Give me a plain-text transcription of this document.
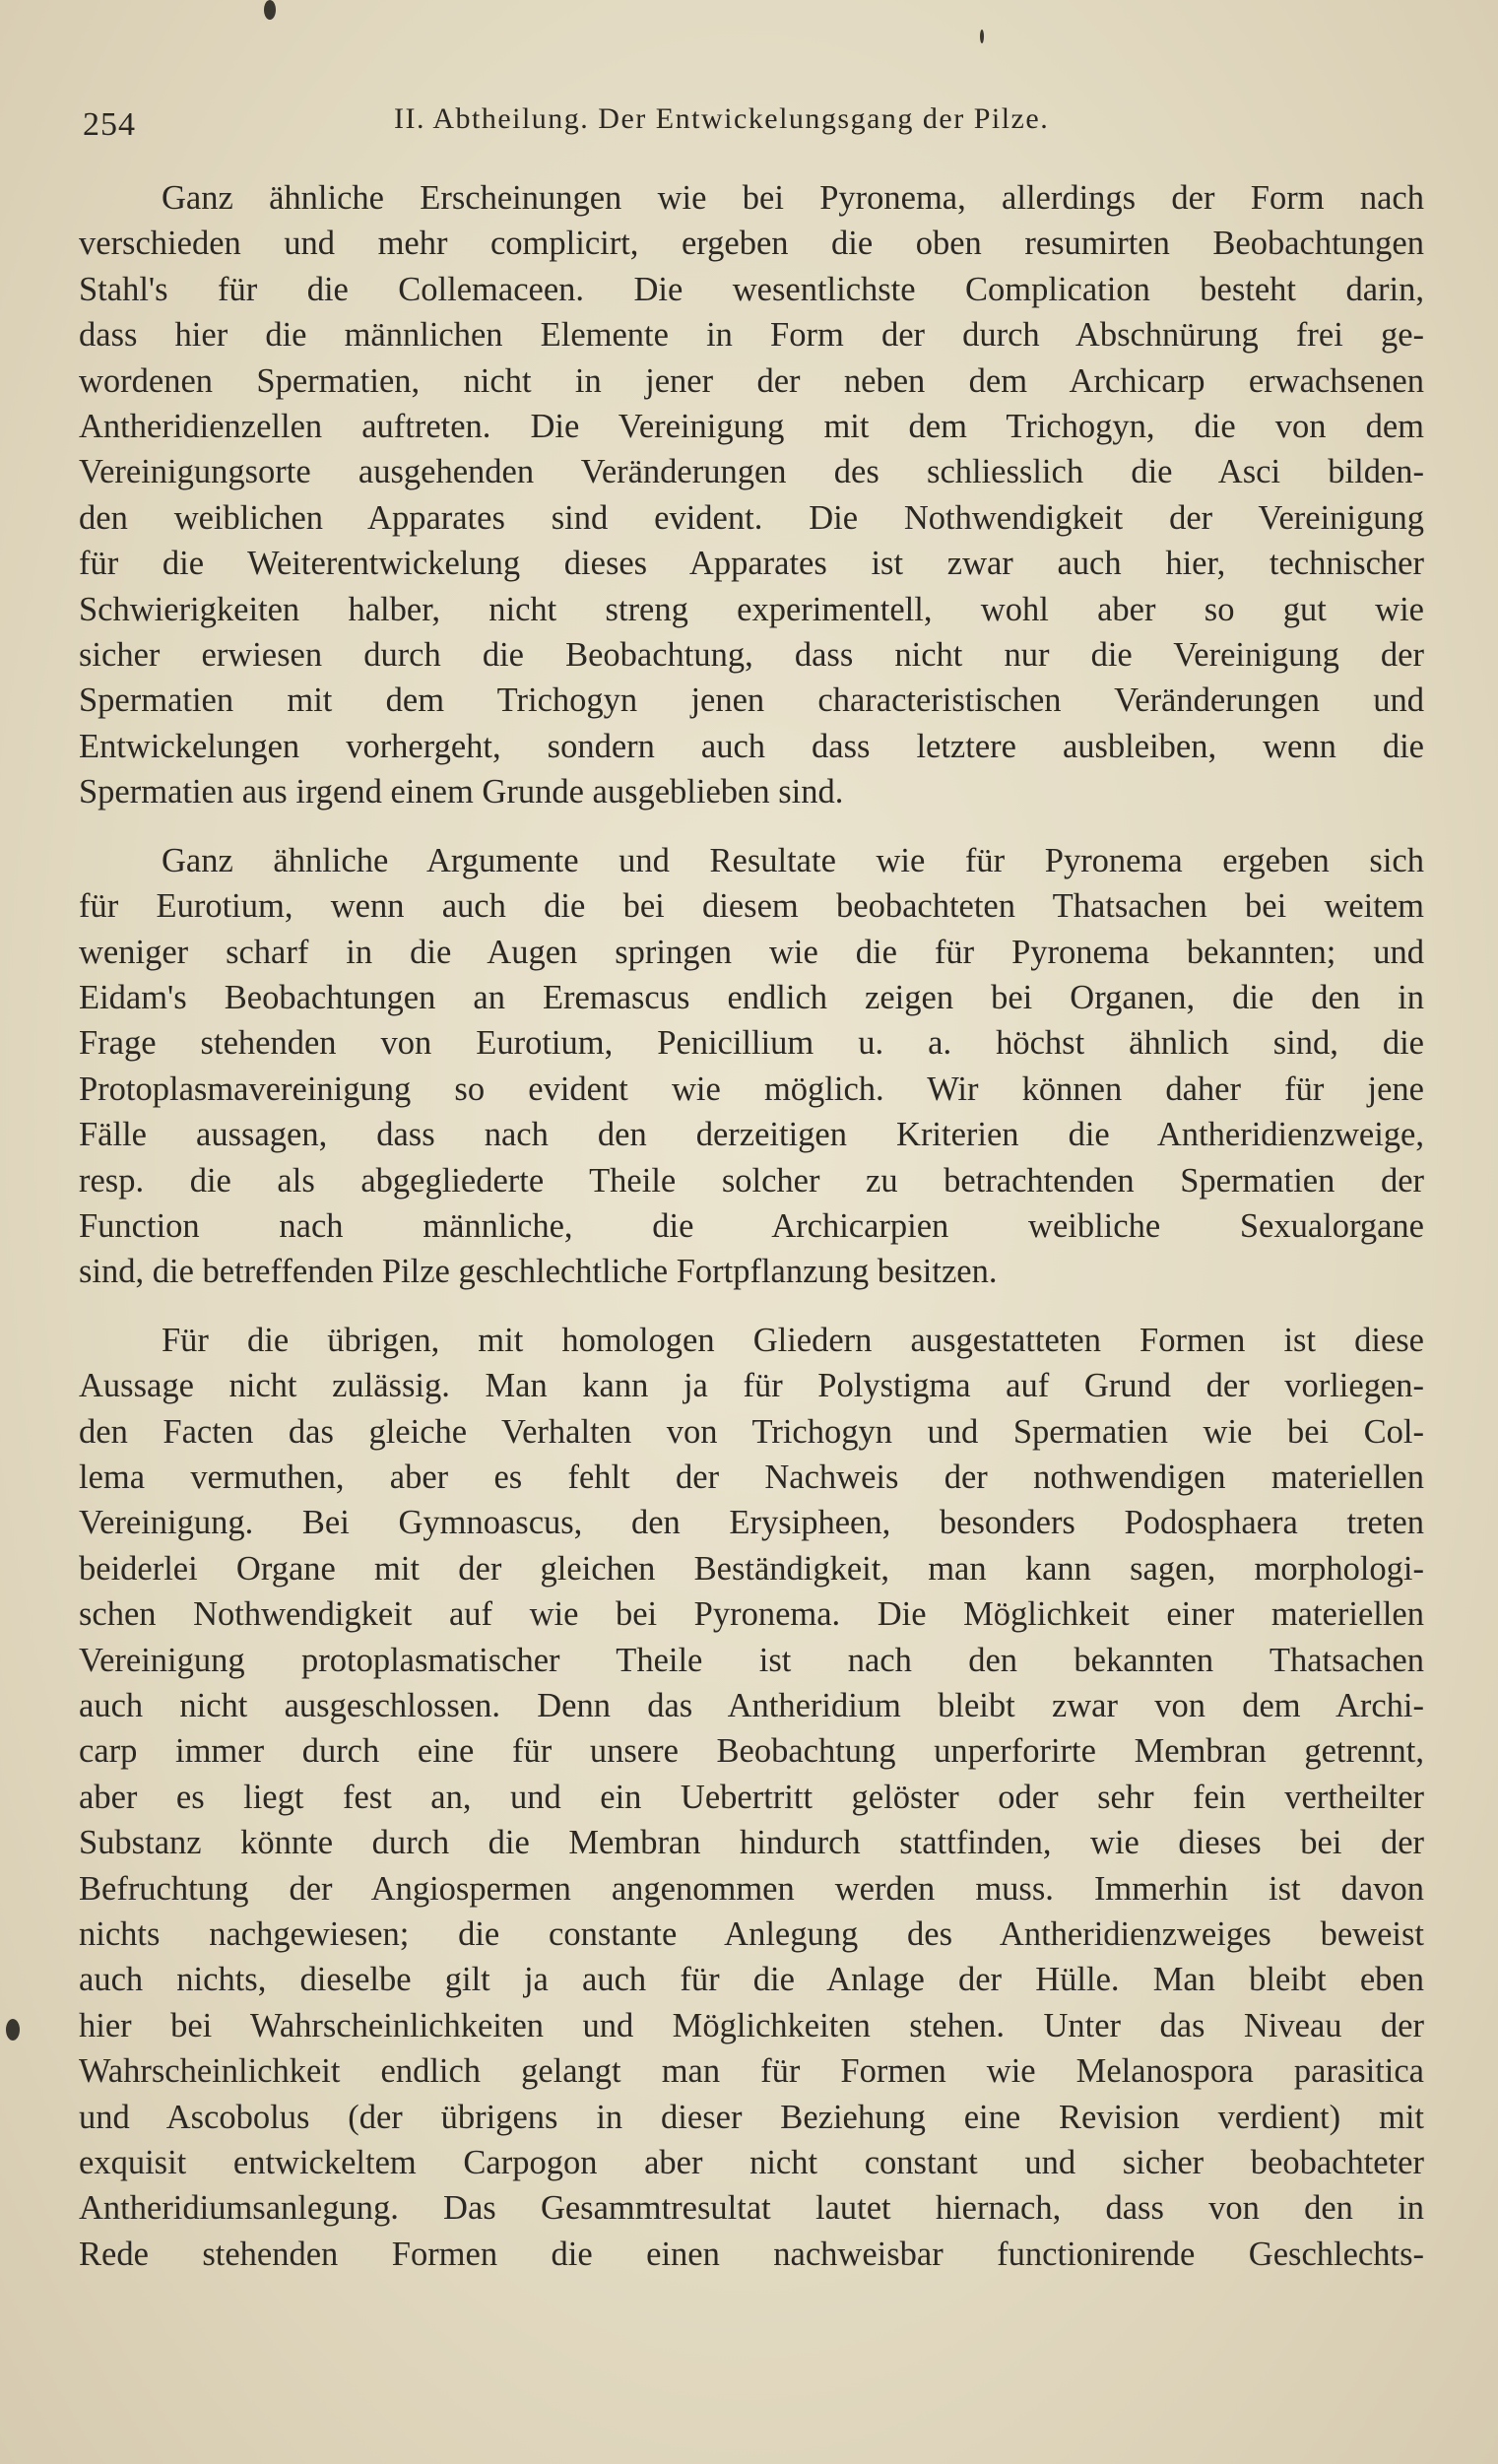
254	II. Abtheilung. Der Entwickelungsgang der Pilze.
Ganz ähnliche Erscheinungen wie bei Pyronema, allerdings der Form nach
verschieden und mehr complicirt, ergeben die oben resumirten Beobachtungen
Stahl's für die Collemaceen. Die wesentlichste Complication besteht darin,
dass hier die männlichen Elemente in Form der durch Abschnürung frei ge-
wordenen Spermatien, nicht in jener der neben dem Archicarp erwachsenen
Antheridienzellen auftreten. Die Vereinigung mit dem Trichogyn, die von dem
Vereinigungsorte ausgehenden Veränderungen des schliesslich die Asci bilden-
den weiblichen Apparates sind evident. Die Nothwendigkeit der Vereinigung
für die Weiterentwickelung dieses Apparates ist zwar auch hier, technischer
Schwierigkeiten halber, nicht streng experimentell, wohl aber so gut wie
sicher erwiesen durch die Beobachtung, dass nicht nur die Vereinigung der
Spermatien mit dem Trichogyn jenen characteristischen Veränderungen und
Entwickelungen vorhergeht, sondern auch dass letztere ausbleiben, wenn die
Spermatien aus irgend einem Grunde ausgeblieben sind.
Ganz ähnliche Argumente und Resultate wie für Pyronema ergeben sich
für Eurotium, wenn auch die bei diesem beobachteten Thatsachen bei weitem
weniger scharf in die Augen springen wie die für Pyronema bekannten; und
Eidam's Beobachtungen an Eremascus endlich zeigen bei Organen, die den in
Frage stehenden von Eurotium, Penicillium u. a. höchst ähnlich sind, die
Protoplasmavereinigung so evident wie möglich. Wir können daher für jene
Fälle aussagen, dass nach den derzeitigen Kriterien die Antheridienzweige,
resp. die als abgegliederte Theile solcher zu betrachtenden Spermatien der
Function nach männliche, die Archicarpien weibliche Sexualorgane
sind, die betreffenden Pilze geschlechtliche Fortpflanzung besitzen.
Für die übrigen, mit homologen Gliedern ausgestatteten Formen ist diese
Aussage nicht zulässig. Man kann ja für Polystigma auf Grund der vorliegen-
den Facten das gleiche Verhalten von Trichogyn und Spermatien wie bei Col-
lema vermuthen, aber es fehlt der Nachweis der nothwendigen materiellen
Vereinigung. Bei Gymnoascus, den Erysipheen, besonders Podosphaera treten
beiderlei Organe mit der gleichen Beständigkeit, man kann sagen, morphologi-
schen Nothwendigkeit auf wie bei Pyronema. Die Möglichkeit einer materiellen
Vereinigung protoplasmatischer Theile ist nach den bekannten Thatsachen
auch nicht ausgeschlossen. Denn das Antheridium bleibt zwar von dem Archi-
carp immer durch eine für unsere Beobachtung unperforirte Membran getrennt,
aber es liegt fest an, und ein Uebertritt gelöster oder sehr fein vertheilter
Substanz könnte durch die Membran hindurch stattfinden, wie dieses bei der
Befruchtung der Angiospermen angenommen werden muss. Immerhin ist davon
nichts nachgewiesen; die constante Anlegung des Antheridienzweiges beweist
auch nichts, dieselbe gilt ja auch für die Anlage der Hülle. Man bleibt eben
hier bei Wahrscheinlichkeiten und Möglichkeiten stehen. Unter das Niveau der
Wahrscheinlichkeit endlich gelangt man für Formen wie Melanospora parasitica
und Ascobolus (der übrigens in dieser Beziehung eine Revision verdient) mit
exquisit entwickeltem Carpogon aber nicht constant und sicher beobachteter
Antheridiumsanlegung. Das Gesammtresultat lautet hiernach, dass von den in
Rede stehenden Formen die einen nachweisbar functionirende Geschlechts-
